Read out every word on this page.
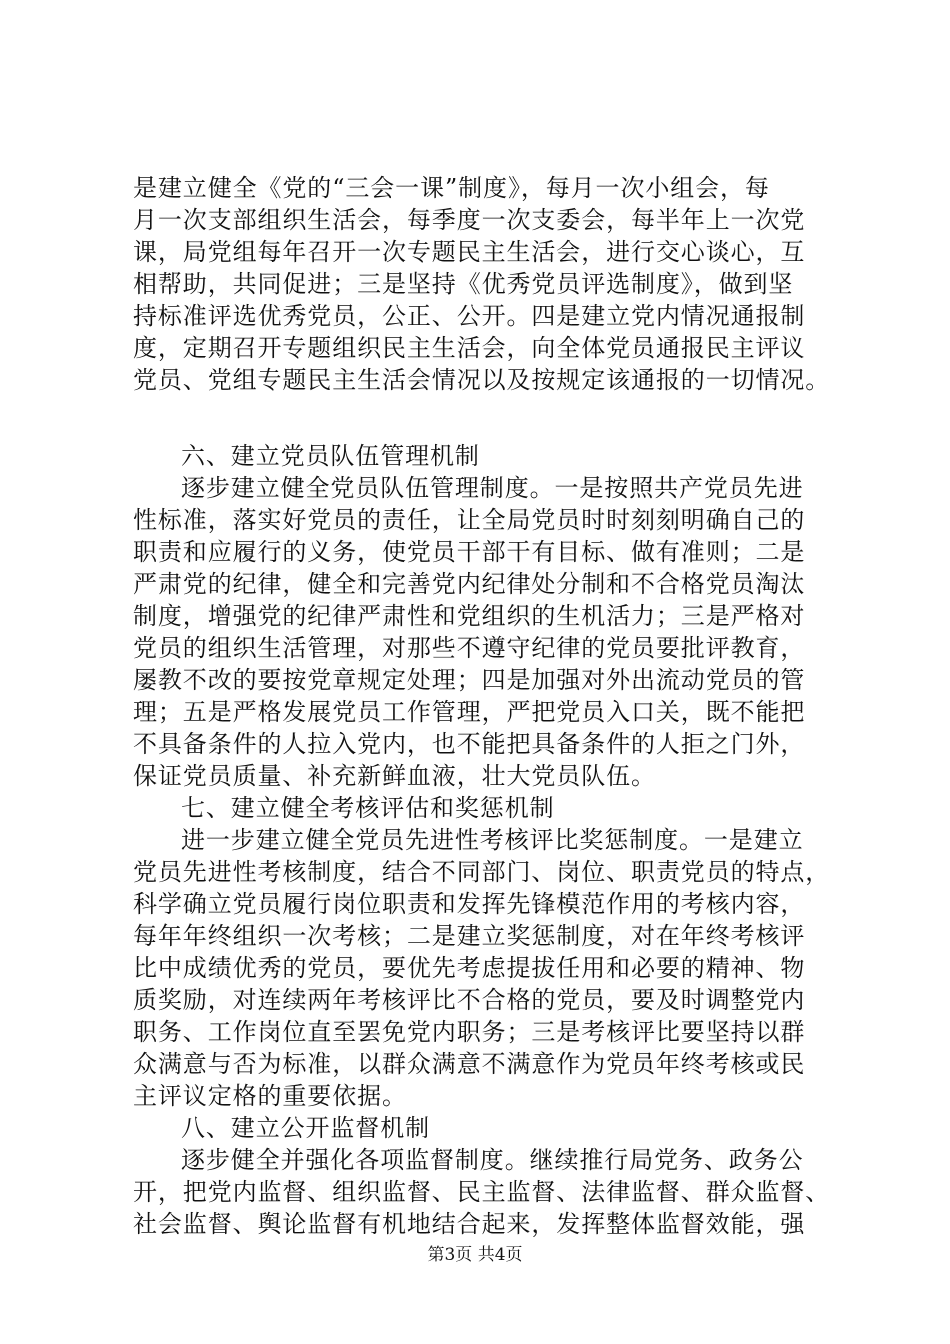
是建立健全《党的“三会一课”制度》，每月一次小组会，每
月一次支部组织生活会，每季度一次支委会，每半年上一次党
课，局党组每年召开一次专题民主生活会，进行交心谈心，互
相帮助，共同促进；三是坚持《优秀党员评选制度》，做到坚
持标准评选优秀党员，公正、公开。四是建立党内情况通报制
度，定期召开专题组织民主生活会，向全体党员通报民主评议
党员、党组专题民主生活会情况以及按规定该通报的一切情况。
六、建立党员队伍管理机制
逐步建立健全党员队伍管理制度。一是按照共产党员先进
性标准，落实好党员的责任，让全局党员时时刻刻明确自己的
职责和应履行的义务，使党员干部干有目标、做有准则；二是
严肃党的纪律，健全和完善党内纪律处分制和不合格党员淘汰
制度，增强党的纪律严肃性和党组织的生机活力；三是严格对
党员的组织生活管理，对那些不遵守纪律的党员要批评教育，
屡教不改的要按党章规定处理；四是加强对外出流动党员的管
理；五是严格发展党员工作管理，严把党员入口关，既不能把
不具备条件的人拉入党内，也不能把具备条件的人拒之门外，
保证党员质量、补充新鲜血液，壮大党员队伍。
七、建立健全考核评估和奖惩机制
进一步建立健全党员先进性考核评比奖惩制度。一是建立
党员先进性考核制度，结合不同部门、岗位、职责党员的特点，
科学确立党员履行岗位职责和发挥先锋模范作用的考核内容，
每年年终组织一次考核；二是建立奖惩制度，对在年终考核评
比中成绩优秀的党员，要优先考虑提拔任用和必要的精神、物
质奖励，对连续两年考核评比不合格的党员，要及时调整党内
职务、工作岗位直至罢免党内职务；三是考核评比要坚持以群
众满意与否为标准，以群众满意不满意作为党员年终考核或民
主评议定格的重要依据。
八、建立公开监督机制
逐步健全并强化各项监督制度。继续推行局党务、政务公
开，把党内监督、组织监督、民主监督、法律监督、群众监督、
社会监督、舆论监督有机地结合起来，发挥整体监督效能，强
第3页 共4页
